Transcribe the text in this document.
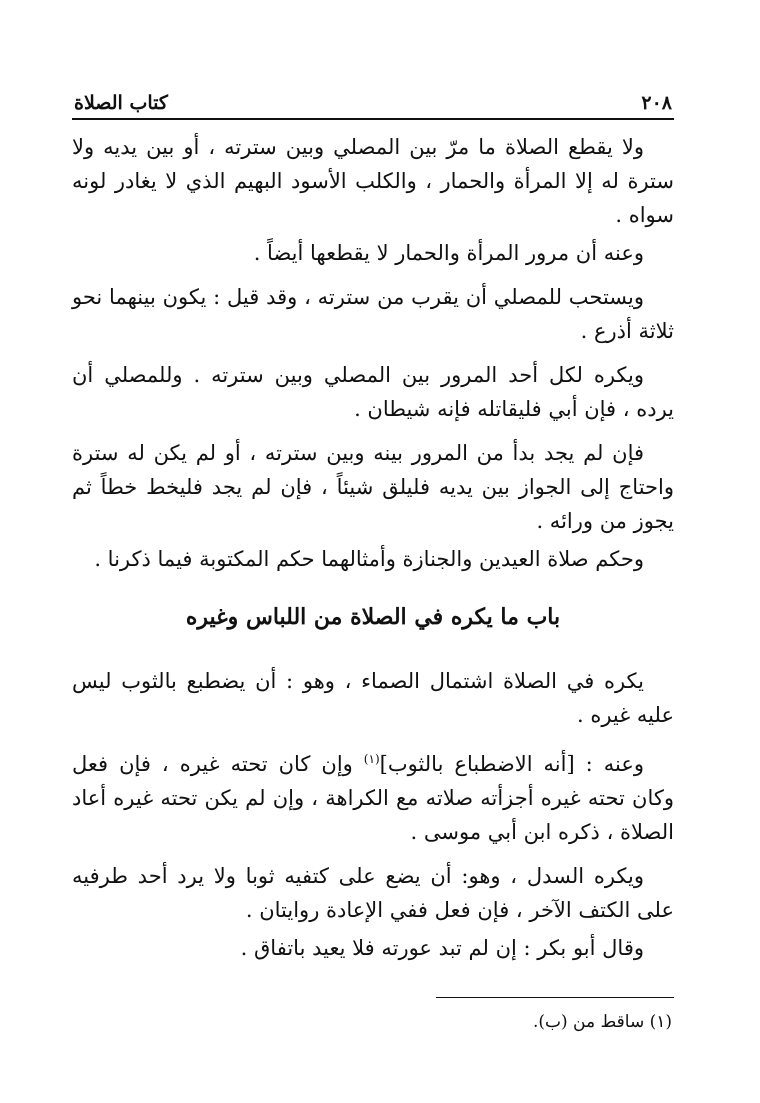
٢٠٨
كتاب الصلاة

ولا يقطع الصلاة ما مرّ بين المصلي وبين سترته ، أو بين يديه ولا سترة له إلا المرأة والحمار ، والكلب الأسود البهيم الذي لا يغادر لونه سواه .

وعنه أن مرور المرأة والحمار لا يقطعها أيضاً .

ويستحب للمصلي أن يقرب من سترته ، وقد قيل : يكون بينهما نحو ثلاثة أذرع .

ويكره لكل أحد المرور بين المصلي وبين سترته . وللمصلي أن يرده ، فإن أبي فليقاتله فإنه شيطان .

فإن لم يجد بدأ من المرور بينه وبين سترته ، أو لم يكن له سترة واحتاج إلى الجواز بين يديه فليلق شيئاً ، فإن لم يجد فليخط خطاً ثم يجوز من ورائه .

وحكم صلاة العيدين والجنازة وأمثالهما حكم المكتوبة فيما ذكرنا .

باب ما يكره في الصلاة من اللباس وغيره

يكره في الصلاة اشتمال الصماء ، وهو : أن يضطبع بالثوب ليس عليه غيره .

وعنه : [أنه الاضطباع بالثوب]$^{(١)}$ وإن كان تحته غيره ، فإن فعل وكان تحته غيره أجزأته صلاته مع الكراهة ، وإن لم يكن تحته غيره أعاد الصلاة ، ذكره ابن أبي موسى .

ويكره السدل ، وهو: أن يضع على كتفيه ثوبا ولا يرد أحد طرفيه على الكتف الآخر ، فإن فعل ففي الإعادة روايتان .

وقال أبو بكر : إن لم تبد عورته فلا يعيد باتفاق .

(١) ساقط من (ب).
